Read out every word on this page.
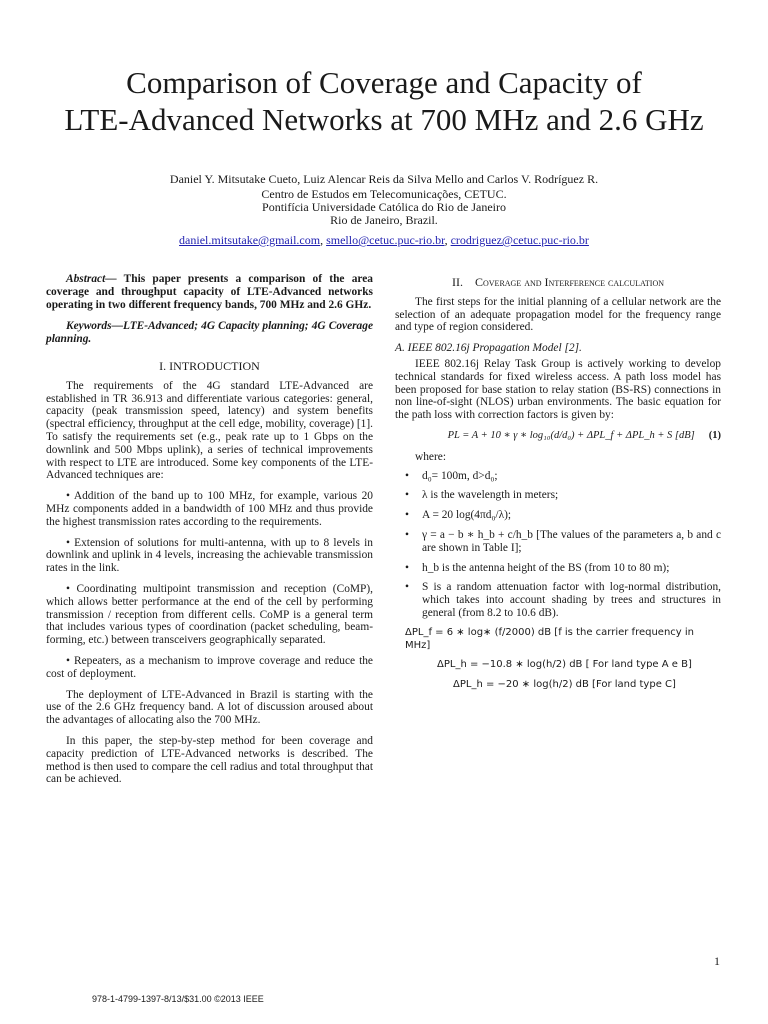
Comparison of Coverage and Capacity of
LTE-Advanced Networks at 700 MHz and 2.6 GHz
Daniel Y. Mitsutake Cueto, Luiz Alencar Reis da Silva Mello and Carlos V. Rodríguez R.
Centro de Estudos em Telecomunicações, CETUC.
Pontifícia Universidade Católica do Rio de Janeiro
Rio de Janeiro, Brazil.
daniel.mitsutake@gmail.com, smello@cetuc.puc-rio.br, crodriguez@cetuc.puc-rio.br
Abstract— This paper presents a comparison of the area coverage and throughput capacity of LTE-Advanced networks operating in two different frequency bands, 700 MHz and 2.6 GHz.
Keywords—LTE-Advanced; 4G Capacity planning; 4G Coverage planning.
I. INTRODUCTION

The requirements of the 4G standard LTE-Advanced are established in TR 36.913 and differentiate various categories: general, capacity (peak transmission speed, latency) and system benefits (spectral efficiency, throughput at the cell edge, mobility, coverage) [1]. To satisfy the requirements set (e.g., peak rate up to 1 Gbps on the downlink and 500 Mbps uplink), a series of technical improvements with respect to LTE are introduced. Some key components of the LTE-Advanced techniques are:

• Addition of the band up to 100 MHz, for example, various 20 MHz components added in a bandwidth of 100 MHz and thus provide the highest transmission rates according to the requirements.

• Extension of solutions for multi-antenna, with up to 8 levels in downlink and uplink in 4 levels, increasing the achievable transmission rates in the link.

• Coordinating multipoint transmission and reception (CoMP), which allows better performance at the end of the cell by performing transmission / reception from different cells. CoMP is a general term that includes various types of coordination (packet scheduling, beam-forming, etc.) between transceivers geographically separated.

• Repeaters, as a mechanism to improve coverage and reduce the cost of deployment.

The deployment of LTE-Advanced in Brazil is starting with the use of the 2.6 GHz frequency band. A lot of discussion aroused about the advantages of allocating also the 700 MHz.

In this paper, the step-by-step method for been coverage and capacity prediction of LTE-Advanced networks is described. The method is then used to compare the cell radius and total throughput that can be achieved.

II. Coverage and Interference calculation

The first steps for the initial planning of a cellular network are the selection of an adequate propagation model for the frequency range and type of region considered.

A. IEEE 802.16j Propagation Model [2].

IEEE 802.16j Relay Task Group is actively working to develop technical standards for fixed wireless access. A path loss model has been proposed for base station to relay station (BS-RS) connections in non line-of-sight (NLOS) urban environments. The basic equation for the path loss with correction factors is given by:

PL = A + 10 ∗ γ ∗ log₁₀(d/d₀) + ΔPL_f + ΔPL_h + S [dB] (1)
where:
• d₀= 100m, d>d₀;
• λ is the wavelength in meters;
• A = 20 log(4πd₀/λ);
• γ = a − b ∗ h_b + c/h_b [The values of the parameters a, b and c are shown in Table I];
• h_b is the antenna height of the BS (from 10 to 80 m);
• S is a random attenuation factor with log-normal distribution, which takes into account shading by trees and structures in general (from 8.2 to 10.6 dB).
ΔPL_f = 6 ∗ log∗ (f/2000) dB [f is the carrier frequency in MHz]
ΔPL_h = −10.8 ∗ log(h/2) dB [ For land type A e B]
ΔPL_h = −20 ∗ log(h/2) dB [For land type C]
1
978-1-4799-1397-8/13/$31.00 ©2013 IEEE
